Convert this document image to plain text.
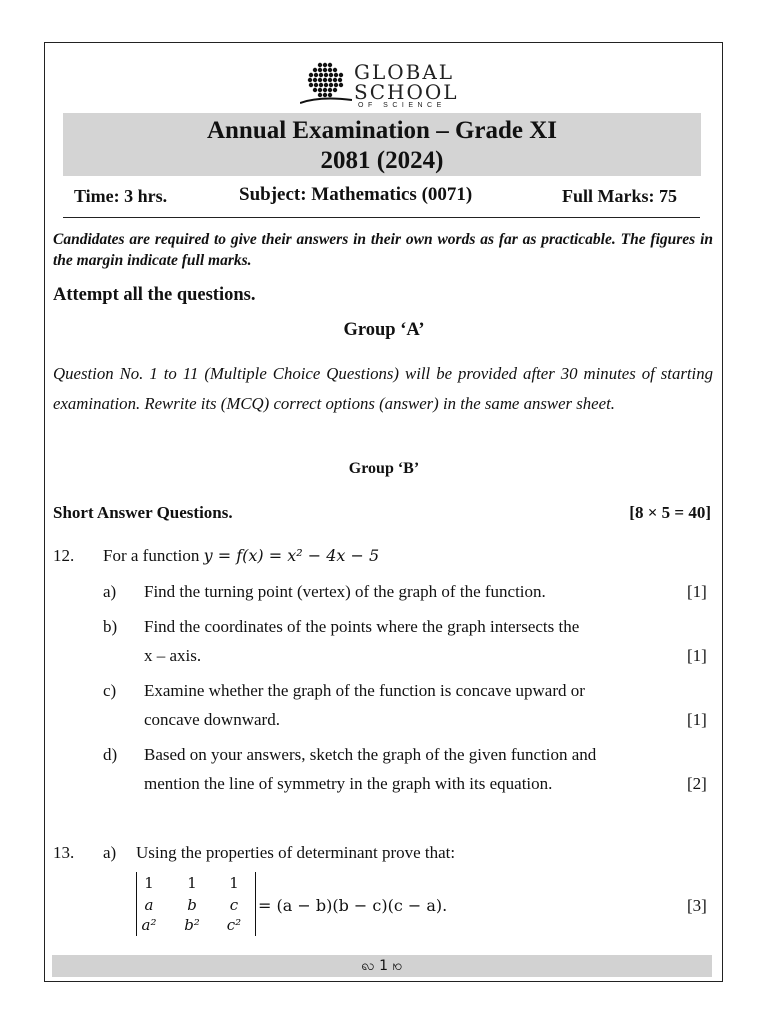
GLOBAL
SCHOOL
OF SCIENCE
Annual Examination – Grade XI
2081 (2024)
Time: 3 hrs.	Subject: Mathematics (0071)	Full Marks: 75
Candidates are required to give their answers in their own words as far as practicable. The figures in the margin indicate full marks.
Attempt all the questions.
Group ‘A’
Question No. 1 to 11 (Multiple Choice Questions) will be provided after 30 minutes of starting examination. Rewrite its (MCQ) correct options (answer) in the same answer sheet.
Group ‘B’
Short Answer Questions.	[8 × 5 = 40]
12. For a function y = f(x) = x² − 4x − 5
a) Find the turning point (vertex) of the graph of the function.	[1]
b) Find the coordinates of the points where the graph intersects the
x – axis.	[1]
c) Examine whether the graph of the function is concave upward or
concave downward.	[1]
d) Based on your answers, sketch the graph of the given function and
mention the line of symmetry in the graph with its equation.	[2]
13. a) Using the properties of determinant prove that:
1	1	1
a	b	c
a²	b²	c²
= (a − b)(b − c)(c − a).	[3]
ꩮ 1 ꩯ
